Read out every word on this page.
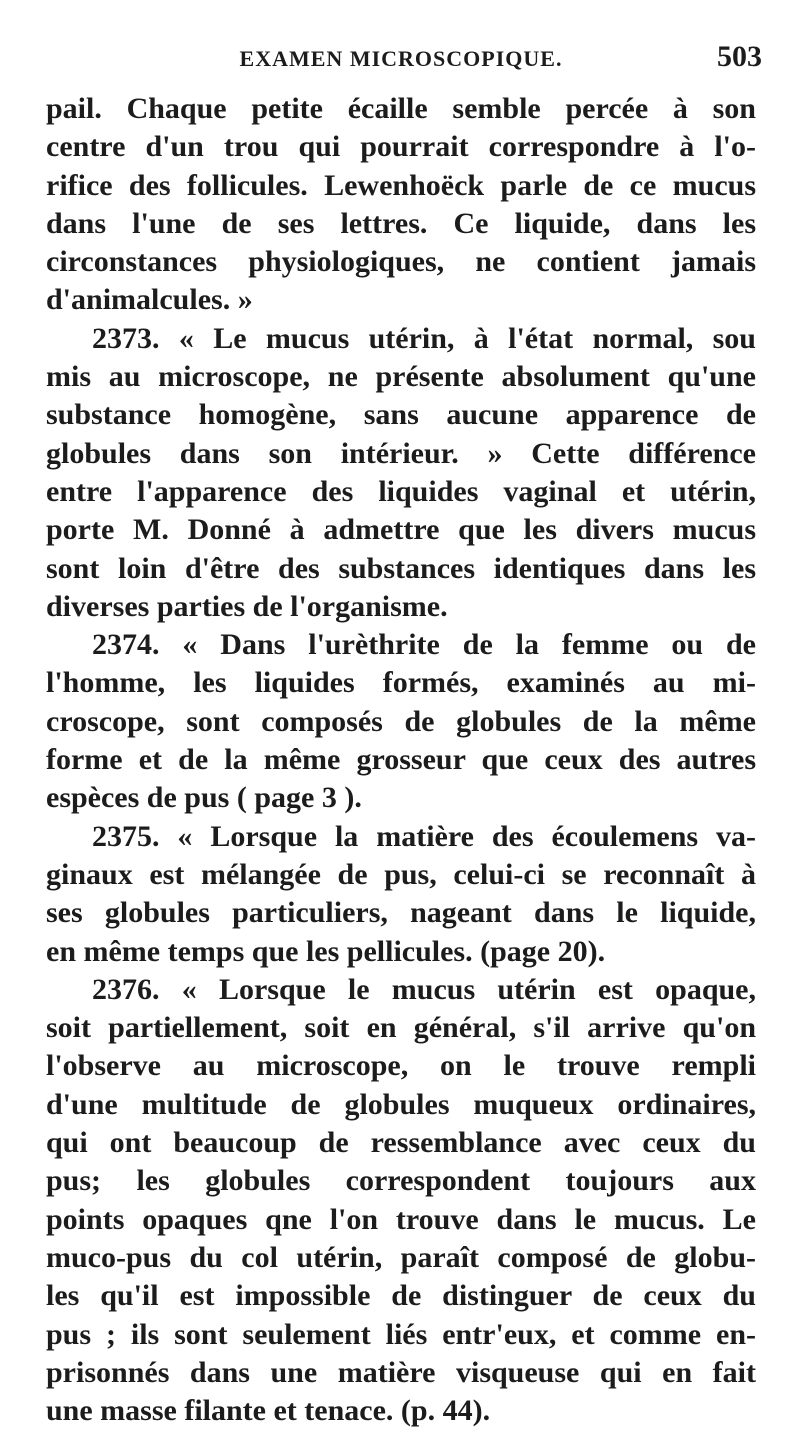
EXAMEN MICROSCOPIQUE.	503
pail. Chaque petite écaille semble percée à son
centre d'un trou qui pourrait correspondre à l'o-
rifice des follicules. Lewenhoëck parle de ce mucus
dans l'une de ses lettres. Ce liquide, dans les
circonstances physiologiques, ne contient jamais
d'animalcules. »
2373. « Le mucus utérin, à l'état normal, sou
mis au microscope, ne présente absolument qu'une
substance homogène, sans aucune apparence de
globules dans son intérieur. » Cette différence
entre l'apparence des liquides vaginal et utérin,
porte M. Donné à admettre que les divers mucus
sont loin d'être des substances identiques dans les
diverses parties de l'organisme.
2374. « Dans l'urèthrite de la femme ou de
l'homme, les liquides formés, examinés au mi-
croscope, sont composés de globules de la même
forme et de la même grosseur que ceux des autres
espèces de pus ( page 3 ).
2375. « Lorsque la matière des écoulemens va-
ginaux est mélangée de pus, celui-ci se reconnaît à
ses globules particuliers, nageant dans le liquide,
en même temps que les pellicules. (page 20).
2376. « Lorsque le mucus utérin est opaque,
soit partiellement, soit en général, s'il arrive qu'on
l'observe au microscope, on le trouve rempli
d'une multitude de globules muqueux ordinaires,
qui ont beaucoup de ressemblance avec ceux du
pus; les globules correspondent toujours aux
points opaques qne l'on trouve dans le mucus. Le
muco-pus du col utérin, paraît composé de globu-
les qu'il est impossible de distinguer de ceux du
pus ; ils sont seulement liés entr'eux, et comme en-
prisonnés dans une matière visqueuse qui en fait
une masse filante et tenace. (p. 44).
